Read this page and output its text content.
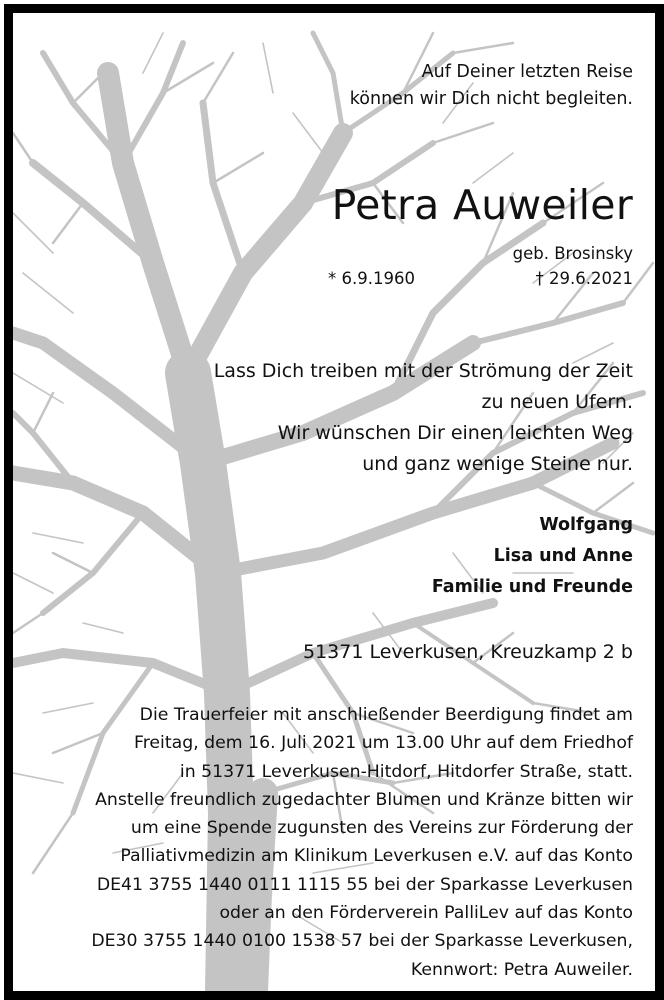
Auf Deiner letzten Reise
können wir Dich nicht begleiten.
Petra Auweiler
geb. Brosinsky
* 6.9.1960	† 29.6.2021
Lass Dich treiben mit der Strömung der Zeit
zu neuen Ufern.
Wir wünschen Dir einen leichten Weg
und ganz wenige Steine nur.
Wolfgang
Lisa und Anne
Familie und Freunde
51371 Leverkusen, Kreuzkamp 2 b
Die Trauerfeier mit anschließender Beerdigung findet am
Freitag, dem 16. Juli 2021 um 13.00 Uhr auf dem Friedhof
in 51371 Leverkusen-Hitdorf, Hitdorfer Straße, statt.
Anstelle freundlich zugedachter Blumen und Kränze bitten wir
um eine Spende zugunsten des Vereins zur Förderung der
Palliativmedizin am Klinikum Leverkusen e.V. auf das Konto
DE41 3755 1440 0111 1115 55 bei der Sparkasse Leverkusen
oder an den Förderverein PalliLev auf das Konto
DE30 3755 1440 0100 1538 57 bei der Sparkasse Leverkusen,
Kennwort: Petra Auweiler.
